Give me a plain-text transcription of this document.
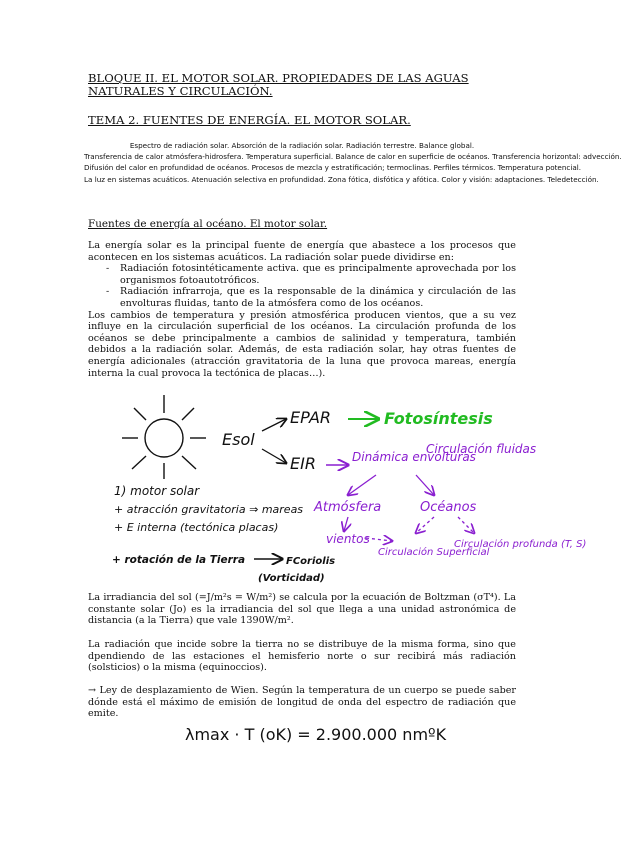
BLOQUE II. EL MOTOR SOLAR. PROPIEDADES DE LAS AGUAS NATURALES Y CIRCULACIÓN.
TEMA 2. FUENTES DE ENERGÍA. EL MOTOR SOLAR.
Espectro de radiación solar. Absorción de la radiación solar. Radiación terrestre. Balance global.
Transferencia de calor atmósfera-hidrosfera. Temperatura superficial. Balance de calor en superficie de océanos. Transferencia horizontal: advección.
Difusión del calor en profundidad de océanos. Procesos de mezcla y estratificación; termoclinas. Perfiles térmicos. Temperatura potencial.
La luz en sistemas acuáticos. Atenuación selectiva en profundidad. Zona fótica, disfótica y afótica. Color y visión: adaptaciones. Teledetección.
Fuentes de energía al océano. El motor solar.
La energía solar es la principal fuente de energía que abastece a los procesos que acontecen en los sistemas acuáticos. La radiación solar puede dividirse en:
- Radiación fotosintéticamente activa. que es principalmente aprovechada por los organismos fotoautotróficos.
- Radiación infrarroja, que es la responsable de la dinámica y circulación de las envolturas fluidas, tanto de la atmósfera como de los océanos.
Los cambios de temperatura y presión atmosférica producen vientos, que a su vez influye en la circulación superficial de los océanos. La circulación profunda de los océanos se debe principalmente a cambios de salinidad y temperatura, también debidos a la radiación solar. Además, de esta radiación solar, hay otras fuentes de energía adicionales (atracción gravitatoria de la luna que provoca mareas, energía interna la cual provoca la tectónica de placas…).
Esol
EPAR	Fotosíntesis
EIR	Dinámica envolturas
Circulación fluidas
Atmósfera	Océanos
vientos
Circulación Superficial
Circulación profunda (T, S)
1) motor solar
+ atracción gravitatoria ⇒ mareas
+ E interna (tectónica placas)
+ rotación de la Tierra	FCoriolis
(Vorticidad)
La irradiancia del sol (=J/m²s = W/m²) se calcula por la ecuación de Boltzman (σT⁴). La constante solar (Jo) es la irradiancia del sol que llega a una unidad astronómica de distancia (a la Tierra) que vale 1390W/m².
La radiación que incide sobre la tierra no se distribuye de la misma forma, sino que dpendiendo de las estaciones el hemisferio norte o sur recibirá más radiación (solsticios) o la misma (equinoccios).
→ Ley de desplazamiento de Wien. Según la temperatura de un cuerpo se puede saber dónde está el máximo de emisión de longitud de onda del espectro de radiación que emite.
λmax · T (oK) = 2.900.000 nmºK
